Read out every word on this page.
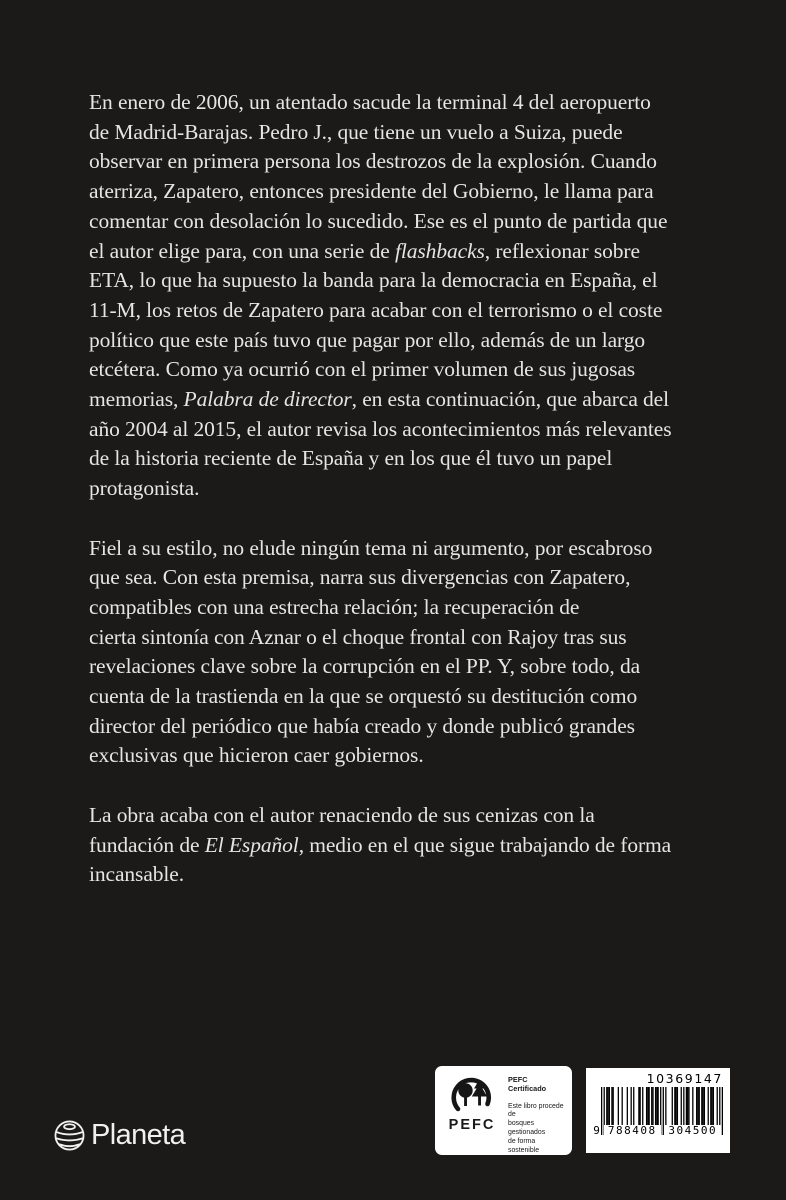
En enero de 2006, un atentado sacude la terminal 4 del aeropuerto
de Madrid-Barajas. Pedro J., que tiene un vuelo a Suiza, puede
observar en primera persona los destrozos de la explosión. Cuando
aterriza, Zapatero, entonces presidente del Gobierno, le llama para
comentar con desolación lo sucedido. Ese es el punto de partida que
el autor elige para, con una serie de flashbacks, reflexionar sobre
ETA, lo que ha supuesto la banda para la democracia en España, el
11-M, los retos de Zapatero para acabar con el terrorismo o el coste
político que este país tuvo que pagar por ello, además de un largo
etcétera. Como ya ocurrió con el primer volumen de sus jugosas
memorias, Palabra de director, en esta continuación, que abarca del
año 2004 al 2015, el autor revisa los acontecimientos más relevantes
de la historia reciente de España y en los que él tuvo un papel
protagonista.

Fiel a su estilo, no elude ningún tema ni argumento, por escabroso
que sea. Con esta premisa, narra sus divergencias con Zapatero,
compatibles con una estrecha relación; la recuperación de
cierta sintonía con Aznar o el choque frontal con Rajoy tras sus
revelaciones clave sobre la corrupción en el PP. Y, sobre todo, da
cuenta de la trastienda en la que se orquestó su destitución como
director del periódico que había creado y donde publicó grandes
exclusivas que hicieron caer gobiernos.

La obra acaba con el autor renaciendo de sus cenizas con la
fundación de El Español, medio en el que sigue trabajando de forma
incansable.

Planeta	PEFC
PEFC Certificado
Este libro procede de
bosques gestionados
de forma sostenible
PEFC/14-38-00305	www.pefc.es
10369147
9 788408	304500
